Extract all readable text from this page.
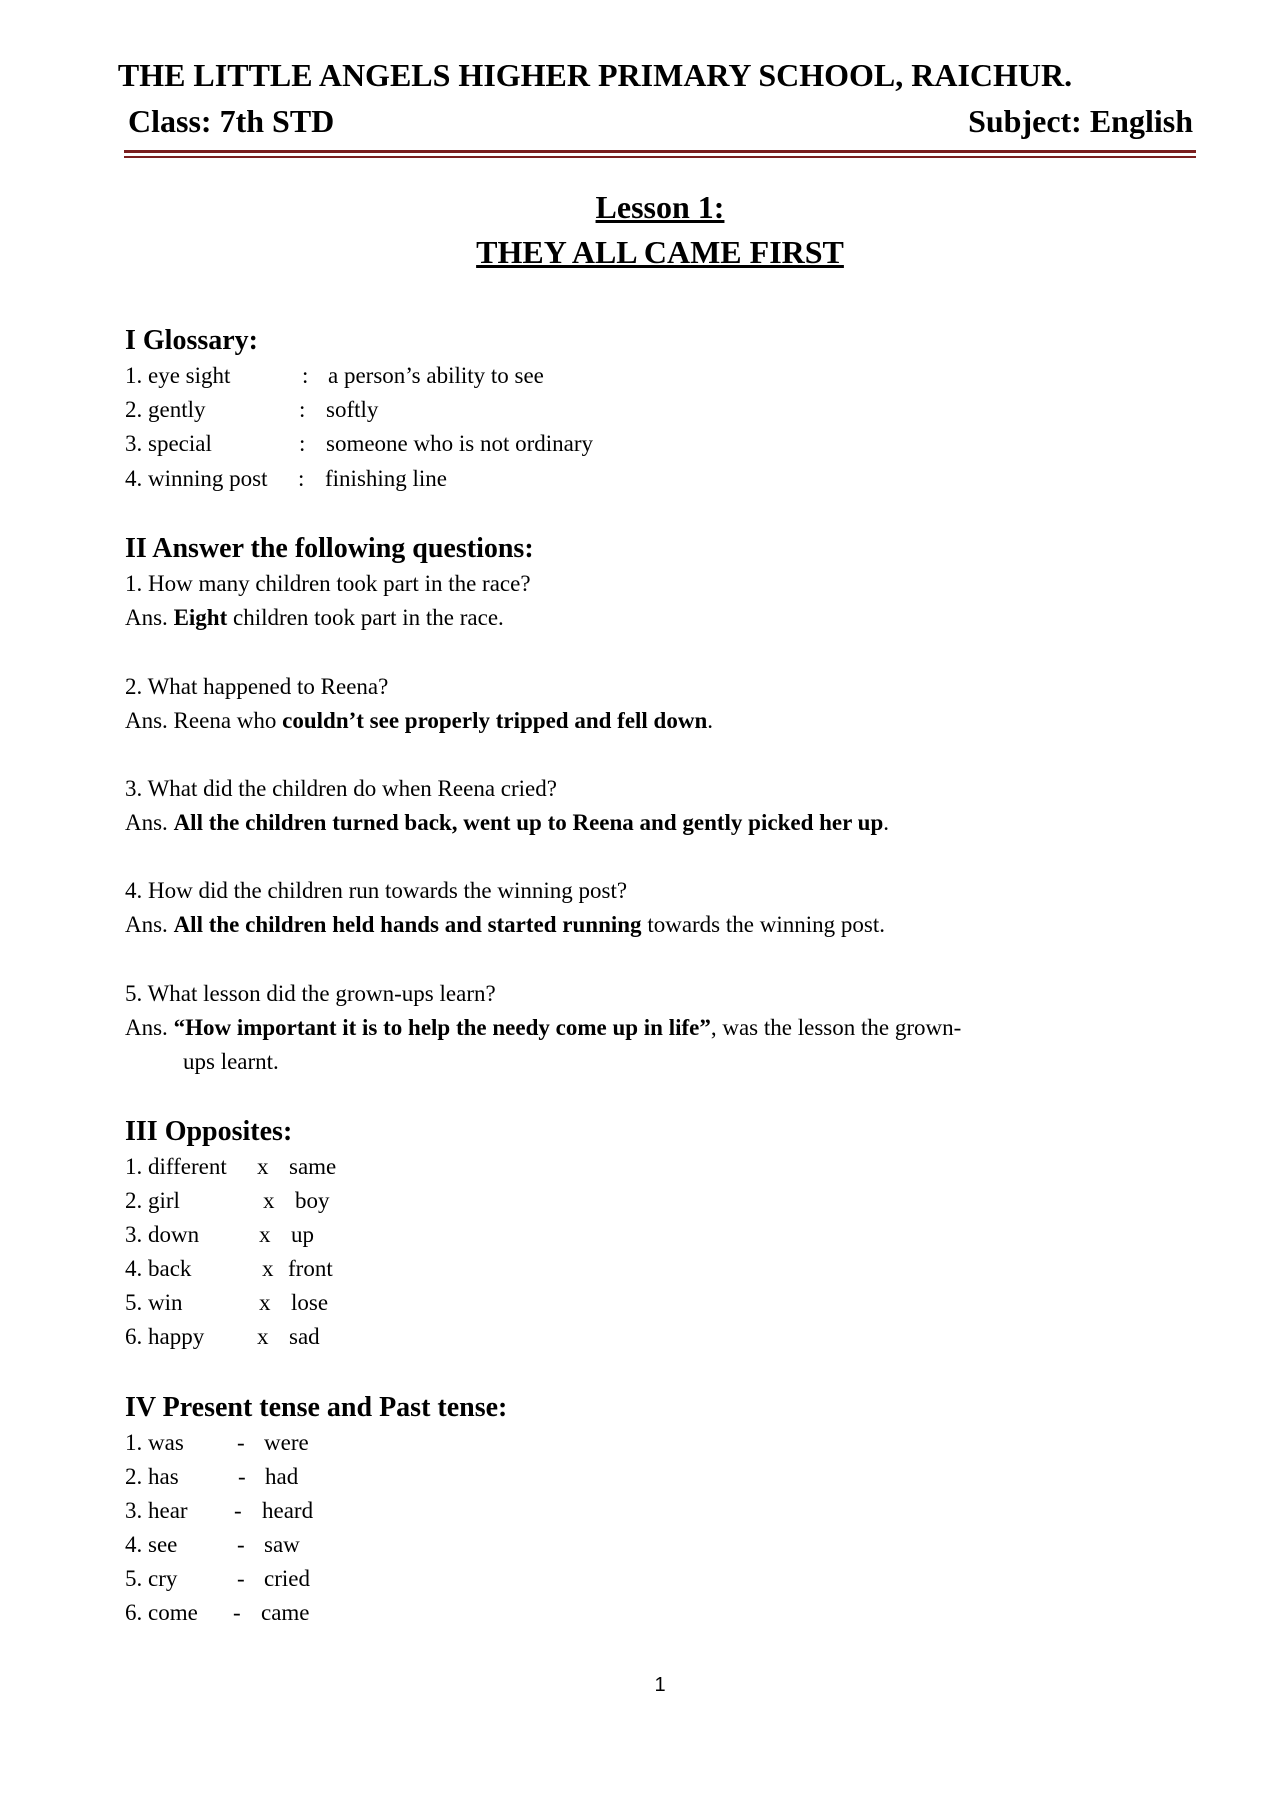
THE LITTLE ANGELS HIGHER PRIMARY SCHOOL, RAICHUR.
Class: 7th STD	Subject: English
Lesson 1:
THEY ALL CAME FIRST
I Glossary:
1. eye sight	: a person’s ability to see
2. gently	: softly
3. special	: someone who is not ordinary
4. winning post : finishing line
II Answer the following questions:
1. How many children took part in the race?
Ans. Eight children took part in the race.
2. What happened to Reena?
Ans. Reena who couldn’t see properly tripped and fell down.
3. What did the children do when Reena cried?
Ans. All the children turned back, went up to Reena and gently picked her up.
4. How did the children run towards the winning post?
Ans. All the children held hands and started running towards the winning post.
5. What lesson did the grown-ups learn?
Ans. “How important it is to help the needy come up in life”, was the lesson the grown-
ups learnt.
III Opposites:
1. different x same
2. girl	x boy
3. down	x up
4. back	x front
5. win	x lose
6. happy x sad
IV Present tense and Past tense:
1. was - were
2. has	- had
3. hear - heard
4. see	- saw
5. cry	- cried
6. come - came
1
